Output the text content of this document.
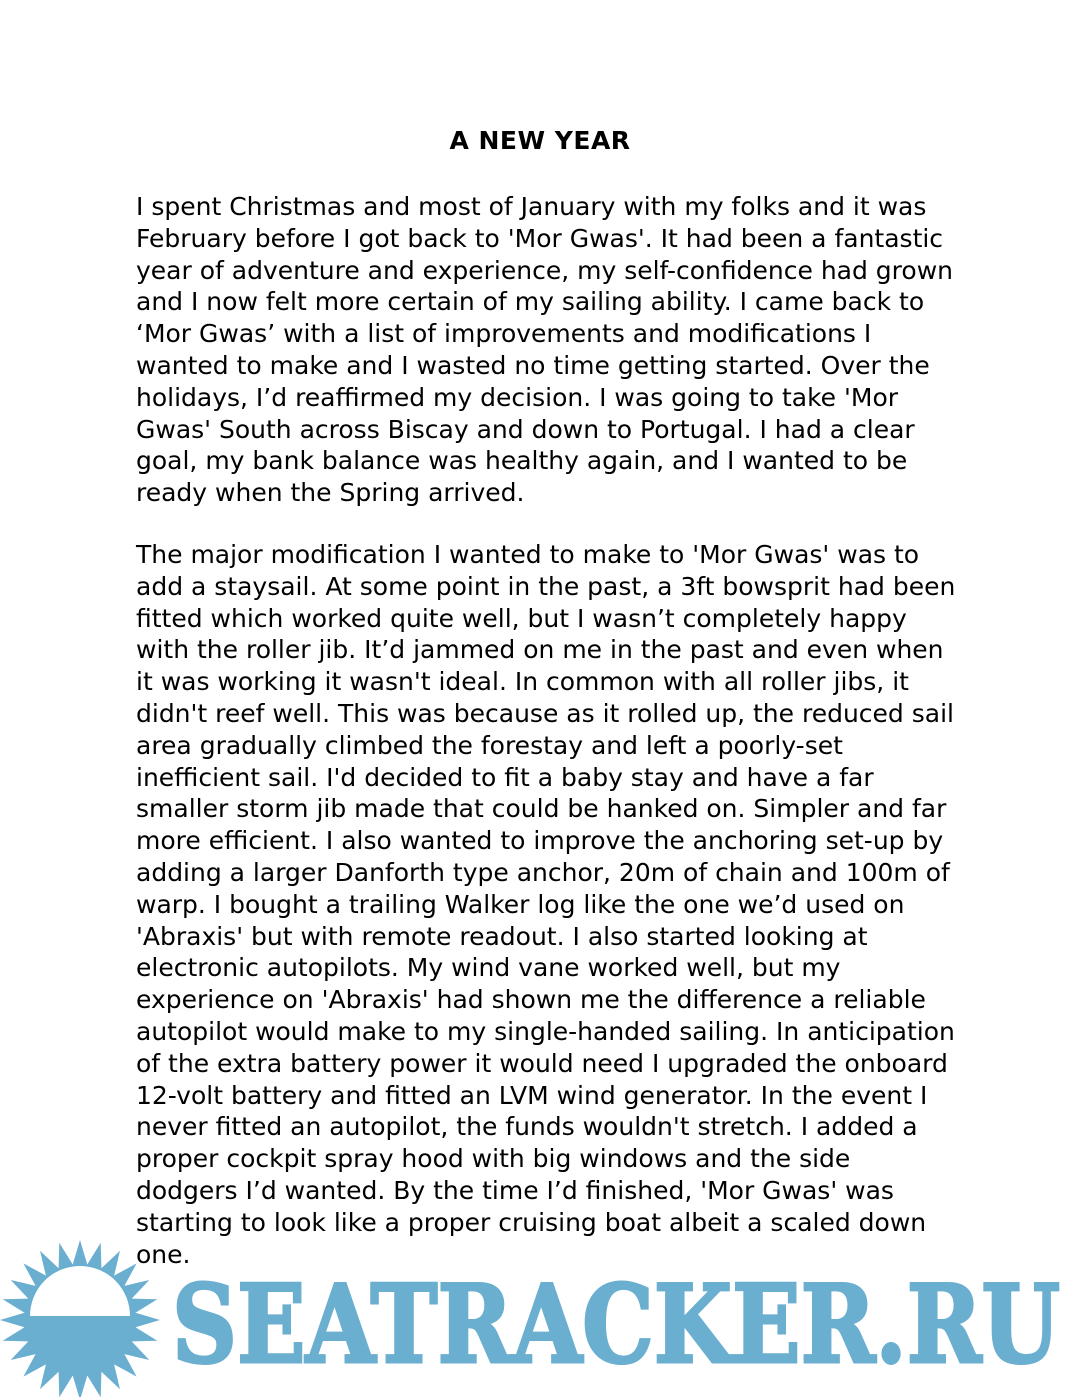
A NEW YEAR

I spent Christmas and most of January with my folks and it was February before I got back to 'Mor Gwas'. It had been a fantastic year of adventure and experience, my self-confidence had grown and I now felt more certain of my sailing ability. I came back to ‘Mor Gwas’ with a list of improvements and modifications I wanted to make and I wasted no time getting started. Over the holidays, I’d reaffirmed my decision. I was going to take 'Mor Gwas' South across Biscay and down to Portugal. I had a clear goal, my bank balance was healthy again, and I wanted to be ready when the Spring arrived.

The major modification I wanted to make to 'Mor Gwas' was to add a staysail. At some point in the past, a 3ft bowsprit had been fitted which worked quite well, but I wasn’t completely happy with the roller jib. It’d jammed on me in the past and even when it was working it wasn't ideal. In common with all roller jibs, it didn't reef well. This was because as it rolled up, the reduced sail area gradually climbed the forestay and left a poorly-set inefficient sail. I'd decided to fit a baby stay and have a far smaller storm jib made that could be hanked on. Simpler and far more efficient. I also wanted to improve the anchoring set-up by adding a larger Danforth type anchor, 20m of chain and 100m of warp. I bought a trailing Walker log like the one we’d used on 'Abraxis' but with remote readout. I also started looking at electronic autopilots. My wind vane worked well, but my experience on 'Abraxis' had shown me the difference a reliable autopilot would make to my single-handed sailing. In anticipation of the extra battery power it would need I upgraded the onboard 12-volt battery and fitted an LVM wind generator. In the event I never fitted an autopilot, the funds wouldn't stretch. I added a proper cockpit spray hood with big windows and the side dodgers I’d wanted. By the time I’d finished, 'Mor Gwas' was starting to look like a proper cruising boat albeit a scaled down one.

SEATRACKER.RU
